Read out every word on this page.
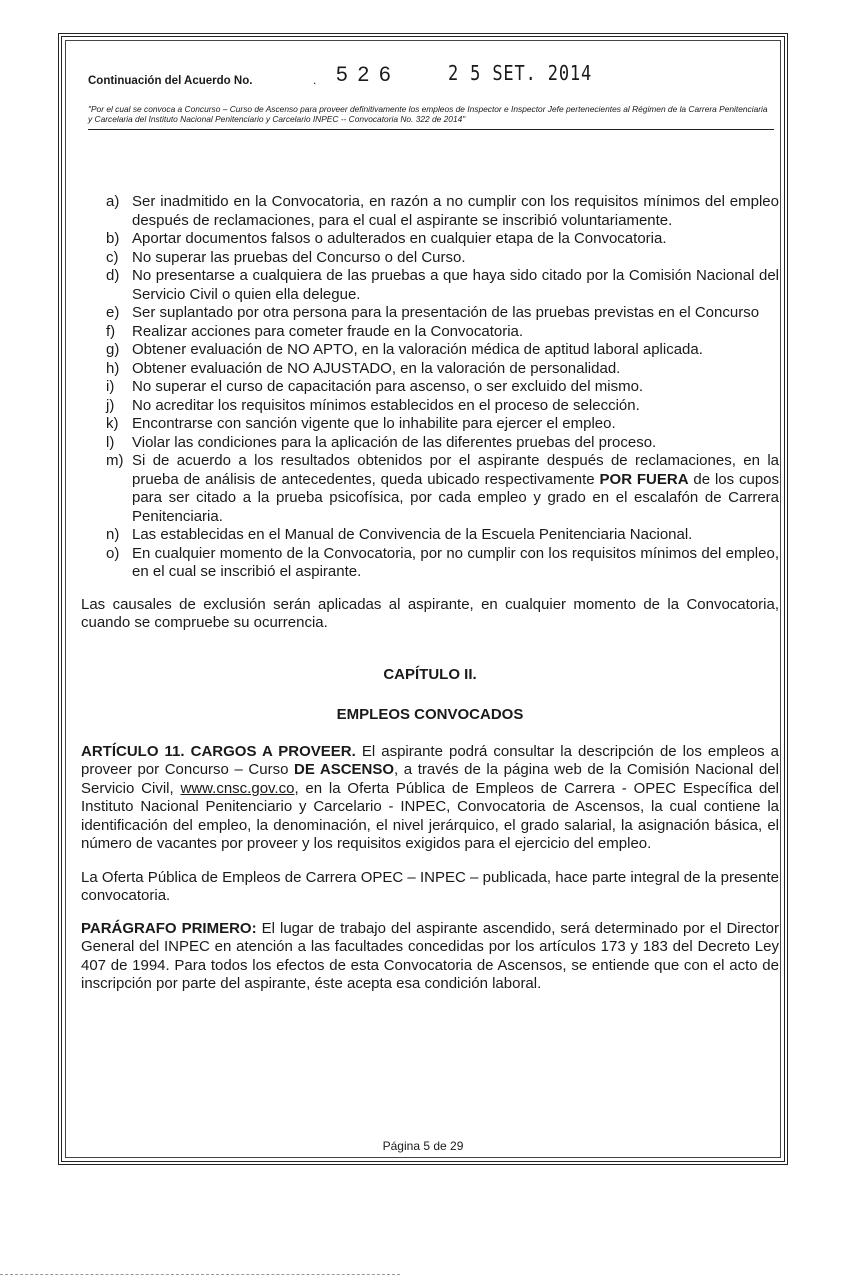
Continuación del Acuerdo No.	. 5 2 6	2 5 SET. 2014
"Por el cual se convoca a Concurso – Curso de Ascenso para proveer definitivamente los empleos de Inspector e Inspector Jefe pertenecientes al Régimen de la Carrera Penitenciaria y Carcelaria del Instituto Nacional Penitenciario y Carcelario INPEC -- Convocatoria No. 322 de 2014"
a) Ser inadmitido en la Convocatoria, en razón a no cumplir con los requisitos mínimos del empleo después de reclamaciones, para el cual el aspirante se inscribió voluntariamente.
b) Aportar documentos falsos o adulterados en cualquier etapa de la Convocatoria.
c) No superar las pruebas del Concurso o del Curso.
d) No presentarse a cualquiera de las pruebas a que haya sido citado por la Comisión Nacional del Servicio Civil o quien ella delegue.
e) Ser suplantado por otra persona para la presentación de las pruebas previstas en el Concurso
f)	Realizar acciones para cometer fraude en la Convocatoria.
g) Obtener evaluación de NO APTO, en la valoración médica de aptitud laboral aplicada.
h) Obtener evaluación de NO AJUSTADO, en la valoración de personalidad.
i)	No superar el curso de capacitación para ascenso, o ser excluido del mismo.
j)	No acreditar los requisitos mínimos establecidos en el proceso de selección.
k) Encontrarse con sanción vigente que lo inhabilite para ejercer el empleo.
l)	Violar las condiciones para la aplicación de las diferentes pruebas del proceso.
m) Si de acuerdo a los resultados obtenidos por el aspirante después de reclamaciones, en la prueba de análisis de antecedentes, queda ubicado respectivamente POR FUERA de los cupos para ser citado a la prueba psicofísica, por cada empleo y grado en el escalafón de Carrera Penitenciaria.
n) Las establecidas en el Manual de Convivencia de la Escuela Penitenciaria Nacional.
o) En cualquier momento de la Convocatoria, por no cumplir con los requisitos mínimos del empleo, en el cual se inscribió el aspirante.

Las causales de exclusión serán aplicadas al aspirante, en cualquier momento de la Convocatoria, cuando se compruebe su ocurrencia.

CAPÍTULO II.
EMPLEOS CONVOCADOS

ARTÍCULO 11. CARGOS A PROVEER. El aspirante podrá consultar la descripción de los empleos a proveer por Concurso – Curso DE ASCENSO, a través de la página web de la Comisión Nacional del Servicio Civil, www.cnsc.gov.co, en la Oferta Pública de Empleos de Carrera - OPEC Específica del Instituto Nacional Penitenciario y Carcelario - INPEC, Convocatoria de Ascensos, la cual contiene la identificación del empleo, la denominación, el nivel jerárquico, el grado salarial, la asignación básica, el número de vacantes por proveer y los requisitos exigidos para el ejercicio del empleo.

La Oferta Pública de Empleos de Carrera OPEC – INPEC – publicada, hace parte integral de la presente convocatoria.

PARÁGRAFO PRIMERO: El lugar de trabajo del aspirante ascendido, será determinado por el Director General del INPEC en atención a las facultades concedidas por los artículos 173 y 183 del Decreto Ley 407 de 1994. Para todos los efectos de esta Convocatoria de Ascensos, se entiende que con el acto de inscripción por parte del aspirante, éste acepta esa condición laboral.

Página 5 de 29
